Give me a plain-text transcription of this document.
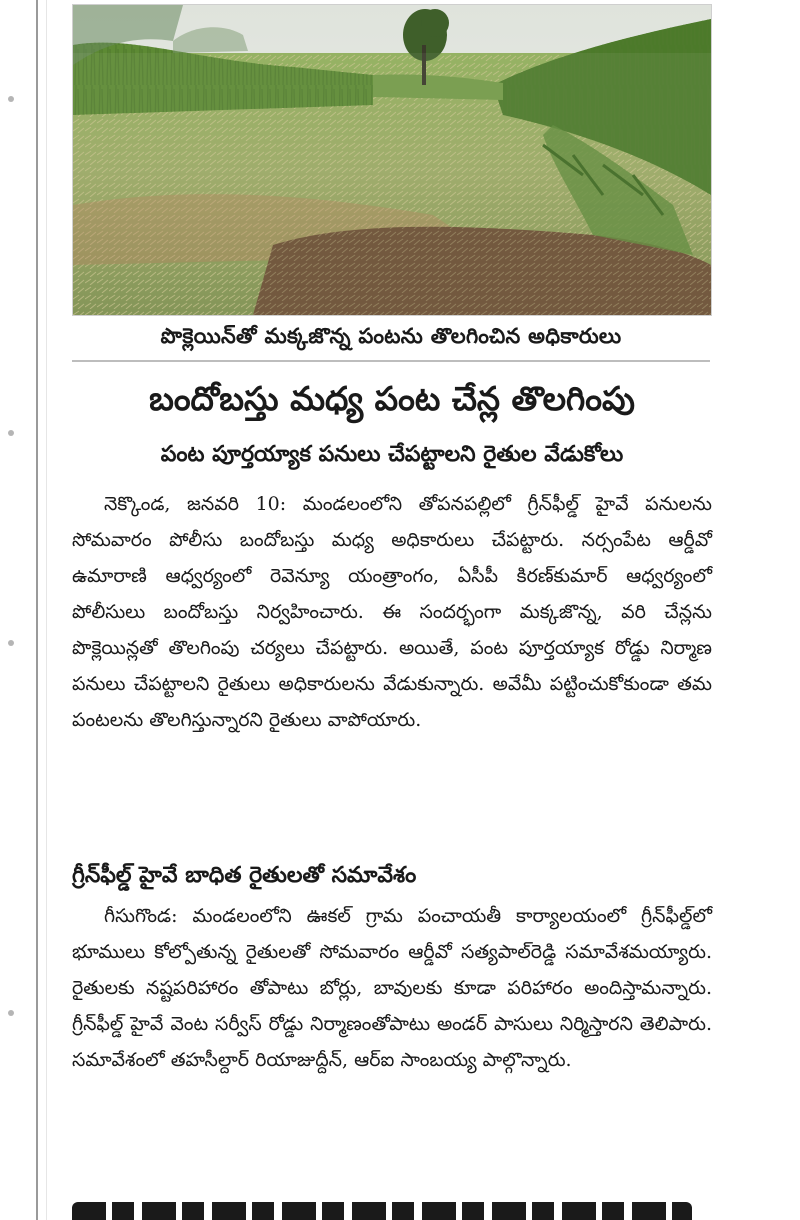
పొక్లెయిన్‌తో మక్కజొన్న పంటను తొలగించిన అధికారులు
బందోబస్తు మధ్య పంట చేన్ల తొలగింపు
పంట పూర్తయ్యాక పనులు చేపట్టాలని రైతుల వేడుకోలు
నెక్కొండ, జనవరి 10: మండలంలోని తోపనపల్లిలో గ్రీన్‌ఫీల్డ్ హైవే పనులను సోమవారం పోలీసు బందోబస్తు మధ్య అధికారులు చేపట్టారు. నర్సంపేట ఆర్డీవో ఉమారాణి ఆధ్వర్యంలో రెవెన్యూ యంత్రాంగం, ఏసీపీ కిరణ్‌కుమార్ ఆధ్వర్యంలో పోలీసులు బందోబస్తు నిర్వహించారు. ఈ సందర్భంగా మక్కజొన్న, వరి చేన్లను పొక్లెయిన్లతో తొలగింపు చర్యలు చేపట్టారు. అయితే, పంట పూర్తయ్యాక రోడ్డు నిర్మాణ పనులు చేపట్టాలని రైతులు అధికారులను వేడుకున్నారు. అవేమీ పట్టించుకోకుండా తమ పంటలను తొలగిస్తున్నారని రైతులు వాపోయారు.
గ్రీన్‌ఫీల్డ్ హైవే బాధిత రైతులతో సమావేశం
గీసుగొండ: మండలంలోని ఊకల్ గ్రామ పంచాయతీ కార్యాలయంలో గ్రీన్‌ఫీల్డ్‌లో భూములు కోల్పోతున్న రైతులతో సోమవారం ఆర్డీవో సత్యపాల్‌రెడ్డి సమావేశమయ్యారు. రైతులకు నష్టపరిహారం తోపాటు బోర్లు, బావులకు కూడా పరిహారం అందిస్తామన్నారు. గ్రీన్‌ఫీల్డ్ హైవే వెంట సర్వీస్ రోడ్డు నిర్మాణంతోపాటు అండర్ పాసులు నిర్మిస్తారని తెలిపారు. సమావేశంలో తహసీల్దార్ రియాజుద్దీన్, ఆర్ఐ సాంబయ్య పాల్గొన్నారు.
